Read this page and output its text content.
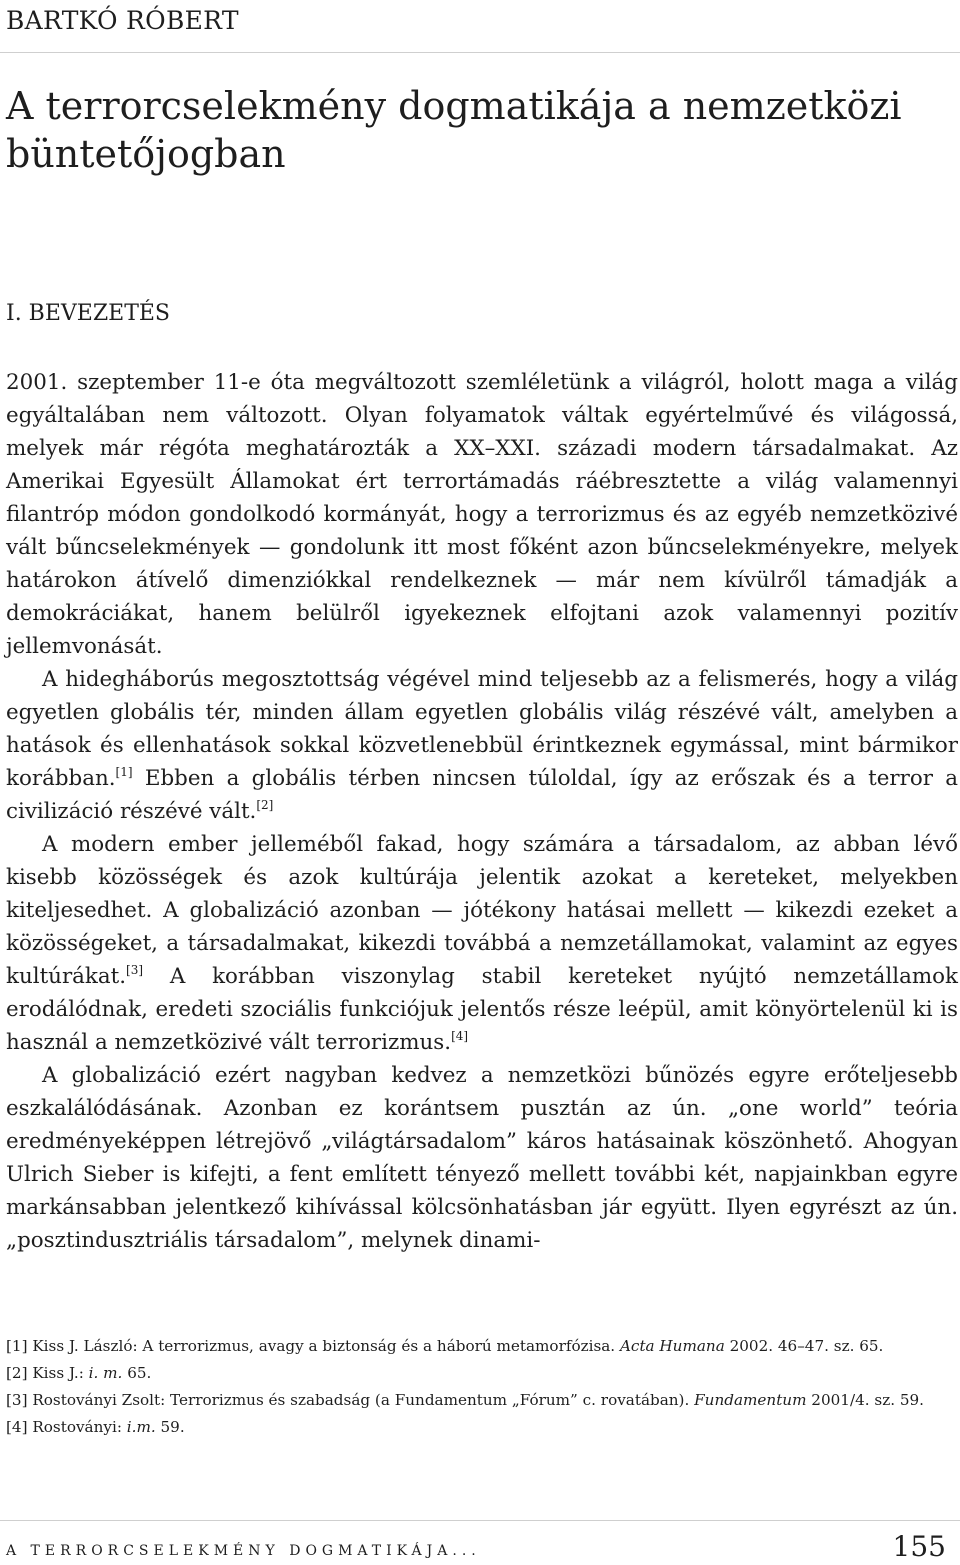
BARTKÓ RÓBERT
A terrorcselekmény dogmatikája a nemzetközi
büntetőjogban
I. BEVEZETÉS

2001. szeptember 11-e óta megváltozott szemléletünk a világról, holott maga a világ egyáltalában nem változott. Olyan folyamatok váltak egyértelművé és világossá, melyek már régóta meghatározták a XX–XXI. századi modern társadalmakat. Az Amerikai Egyesült Államokat ért terrortámadás ráébresztette a világ valamennyi filantróp módon gondolkodó kormányát, hogy a terrorizmus és az egyéb nemzetközivé vált bűncselekmények — gondolunk itt most főként azon bűncselekményekre, melyek határokon átívelő dimenziókkal rendelkeznek — már nem kívülről támadják a demokráciákat, hanem belülről igyekeznek elfojtani azok valamennyi pozitív jellemvonását.

A hidegháborús megosztottság végével mind teljesebb az a felismerés, hogy a világ egyetlen globális tér, minden állam egyetlen globális világ részévé vált, amelyben a hatások és ellenhatások sokkal közvetlenebbül érintkeznek egymással, mint bármikor korábban.[1] Ebben a globális térben nincsen túloldal, így az erőszak és a terror a civilizáció részévé vált.[2]

A modern ember jelleméből fakad, hogy számára a társadalom, az abban lévő kisebb közösségek és azok kultúrája jelentik azokat a kereteket, melyekben kiteljesedhet. A globalizáció azonban — jótékony hatásai mellett — kikezdi ezeket a közösségeket, a társadalmakat, kikezdi továbbá a nemzetállamokat, valamint az egyes kultúrákat.[3] A korábban viszonylag stabil kereteket nyújtó nemzetállamok erodálódnak, eredeti szociális funkciójuk jelentős része leépül, amit könyörtelenül ki is használ a nemzetközivé vált terrorizmus.[4]

A globalizáció ezért nagyban kedvez a nemzetközi bűnözés egyre erőteljesebb eszkalálódásának. Azonban ez korántsem pusztán az ún. „one world” teória eredményeképpen létrejövő „világtársadalom” káros hatásainak köszönhető. Ahogyan Ulrich Sieber is kifejti, a fent említett tényező mellett további két, napjainkban egyre markánsabban jelentkező kihívással kölcsönhatásban jár együtt. Ilyen egyrészt az ún. „posztindusztriális társadalom”, melynek dinami-

[1] Kiss J. László: A terrorizmus, avagy a biztonság és a háború metamorfózisa. Acta Humana 2002. 46–47. sz. 65.
[2] Kiss J.: i. m. 65.
[3] Rostoványi Zsolt: Terrorizmus és szabadság (a Fundamentum „Fórum” c. rovatában). Fundamentum 2001/4. sz. 59.
[4] Rostoványi: i.m. 59.
A TERRORCSELEKMÉNY DOGMATIKÁJA...	155
